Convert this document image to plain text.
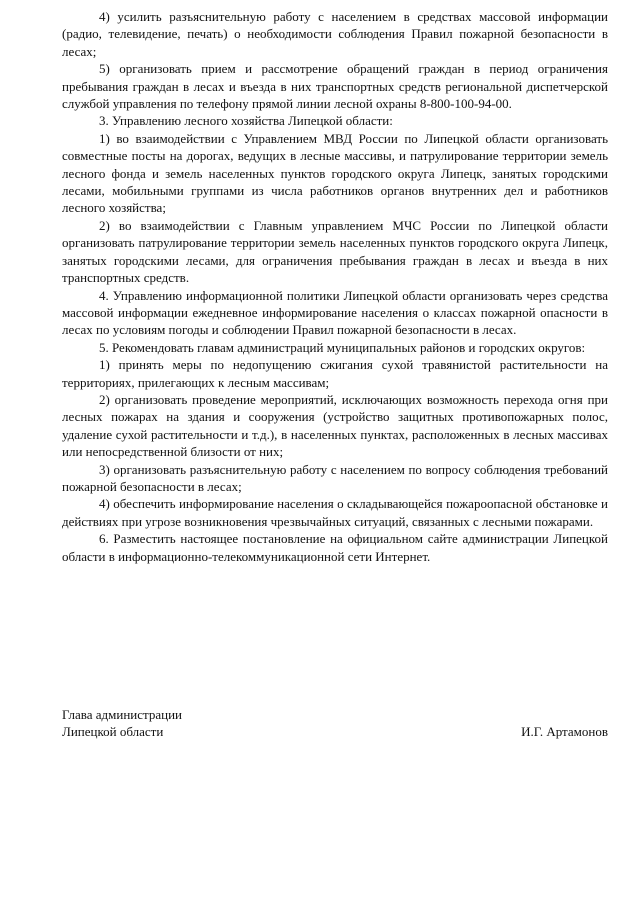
4) усилить разъяснительную работу с населением в средствах массовой информации (радио, телевидение, печать) о необходимости соблюдения Правил пожарной безопасности в лесах;

5) организовать прием и рассмотрение обращений граждан в период ограничения пребывания граждан в лесах и въезда в них транспортных средств региональной диспетчерской службой управления по телефону прямой линии лесной охраны 8-800-100-94-00.

3. Управлению лесного хозяйства Липецкой области:

1) во взаимодействии с Управлением МВД России по Липецкой области организовать совместные посты на дорогах, ведущих в лесные массивы, и патрулирование территории земель лесного фонда и земель населенных пунктов городского округа Липецк, занятых городскими лесами, мобильными группами из числа работников органов внутренних дел и работников лесного хозяйства;

2) во взаимодействии с Главным управлением МЧС России по Липецкой области организовать патрулирование территории земель населенных пунктов городского округа Липецк, занятых городскими лесами, для ограничения пребывания граждан в лесах и въезда в них транспортных средств.

4. Управлению информационной политики Липецкой области организовать через средства массовой информации ежедневное информирование населения о классах пожарной опасности в лесах по условиям погоды и соблюдении Правил пожарной безопасности в лесах.

5. Рекомендовать главам администраций муниципальных районов и городских округов:

1) принять меры по недопущению сжигания сухой травянистой растительности на территориях, прилегающих к лесным массивам;

2) организовать проведение мероприятий, исключающих возможность перехода огня при лесных пожарах на здания и сооружения (устройство защитных противопожарных полос, удаление сухой растительности и т.д.), в населенных пунктах, расположенных в лесных массивах или непосредственной близости от них;

3) организовать разъяснительную работу с населением по вопросу соблюдения требований пожарной безопасности в лесах;

4) обеспечить информирование населения о складывающейся пожароопасной обстановке и действиях при угрозе возникновения чрезвычайных ситуаций, связанных с лесными пожарами.

6. Разместить настоящее постановление на официальном сайте администрации Липецкой области в информационно-телекоммуникационной сети Интернет.

Глава администрации
Липецкой области	И.Г. Артамонов
